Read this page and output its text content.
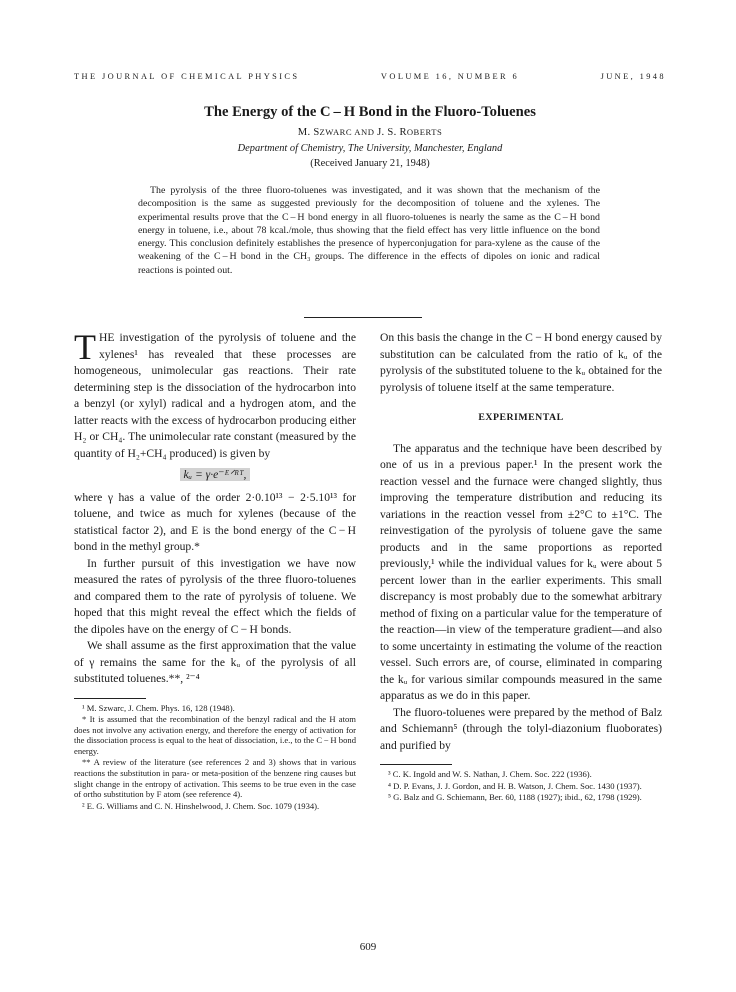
THE JOURNAL OF CHEMICAL PHYSICS	VOLUME 16, NUMBER 6	JUNE, 1948
The Energy of the C – H Bond in the Fluoro-Toluenes
M. SZWARC AND J. S. ROBERTS
Department of Chemistry, The University, Manchester, England
(Received January 21, 1948)

The pyrolysis of the three fluoro-toluenes was investigated, and it was shown that the mechanism of the decomposition is the same as suggested previously for the decomposition of toluene and the xylenes. The experimental results prove that the C – H bond energy in all fluoro-toluenes is nearly the same as the C – H bond energy in toluene, i.e., about 78 kcal./mole, thus showing that the field effect has very little influence on the bond energy. This conclusion definitely establishes the presence of hyperconjugation for para-xylene as the cause of the weakening of the C – H bond in the CH₃ groups. The difference in the effects of dipoles on ionic and radical reactions is pointed out.

THE investigation of the pyrolysis of toluene and the xylenes¹ has revealed that these processes are homogeneous, unimolecular gas reactions. Their rate determining step is the dissociation of the hydrocarbon into a benzyl (or xylyl) radical and a hydrogen atom, and the latter reacts with the excess of hydrocarbon producing either H₂ or CH₄. The unimolecular rate constant (measured by the quantity of H₂+CH₄ produced) is given by

kᵤ = γ·e⁻ᴱᐟᴿᵀ,

where γ has a value of the order 2·0.10¹³ − 2·5.10¹³ for toluene, and twice as much for xylenes (because of the statistical factor 2), and E is the bond energy of the C − H bond in the methyl group.*

In further pursuit of this investigation we have now measured the rates of pyrolysis of the three fluoro-toluenes and compared them to the rate of pyrolysis of toluene. We hoped that this might reveal the effect which the fields of the dipoles have on the energy of C − H bonds.

We shall assume as the first approximation that the value of γ remains the same for the kᵤ of the pyrolysis of all substituted toluenes.**, ²⁻⁴

¹ M. Szwarc, J. Chem. Phys. 16, 128 (1948).

* It is assumed that the recombination of the benzyl radical and the H atom does not involve any activation energy, and therefore the energy of activation for the dissociation process is equal to the heat of dissociation, i.e., to the C − H bond energy.

** A review of the literature (see references 2 and 3) shows that in various reactions the substitution in para- or meta-position of the benzene ring causes but slight change in the entropy of activation. This seems to be true even in the case of ortho substitution by F atom (see reference 4).

² E. G. Williams and C. N. Hinshelwood, J. Chem. Soc. 1079 (1934).

On this basis the change in the C − H bond energy caused by substitution can be calculated from the ratio of kᵤ of the pyrolysis of the substituted toluene to the kᵤ obtained for the pyrolysis of toluene itself at the same temperature.

EXPERIMENTAL

The apparatus and the technique have been described by one of us in a previous paper.¹ In the present work the reaction vessel and the furnace were changed slightly, thus improving the temperature distribution and reducing its variations in the reaction vessel from ±2°C to ±1°C. The reinvestigation of the pyrolysis of toluene gave the same products and in the same proportions as reported previously,¹ while the individual values for kᵤ were about 5 percent lower than in the earlier experiments. This small discrepancy is most probably due to the somewhat arbitrary method of fixing on a particular value for the temperature of the reaction—in view of the temperature gradient—and also to some uncertainty in estimating the volume of the reaction vessel. Such errors are, of course, eliminated in comparing the kᵤ for various similar compounds measured in the same apparatus as we do in this paper.

The fluoro-toluenes were prepared by the method of Balz and Schiemann⁵ (through the tolyl-diazonium fluoborates) and purified by

³ C. K. Ingold and W. S. Nathan, J. Chem. Soc. 222 (1936).

⁴ D. P. Evans, J. J. Gordon, and H. B. Watson, J. Chem. Soc. 1430 (1937).

⁵ G. Balz and G. Schiemann, Ber. 60, 1188 (1927); ibid., 62, 1798 (1929).

609
